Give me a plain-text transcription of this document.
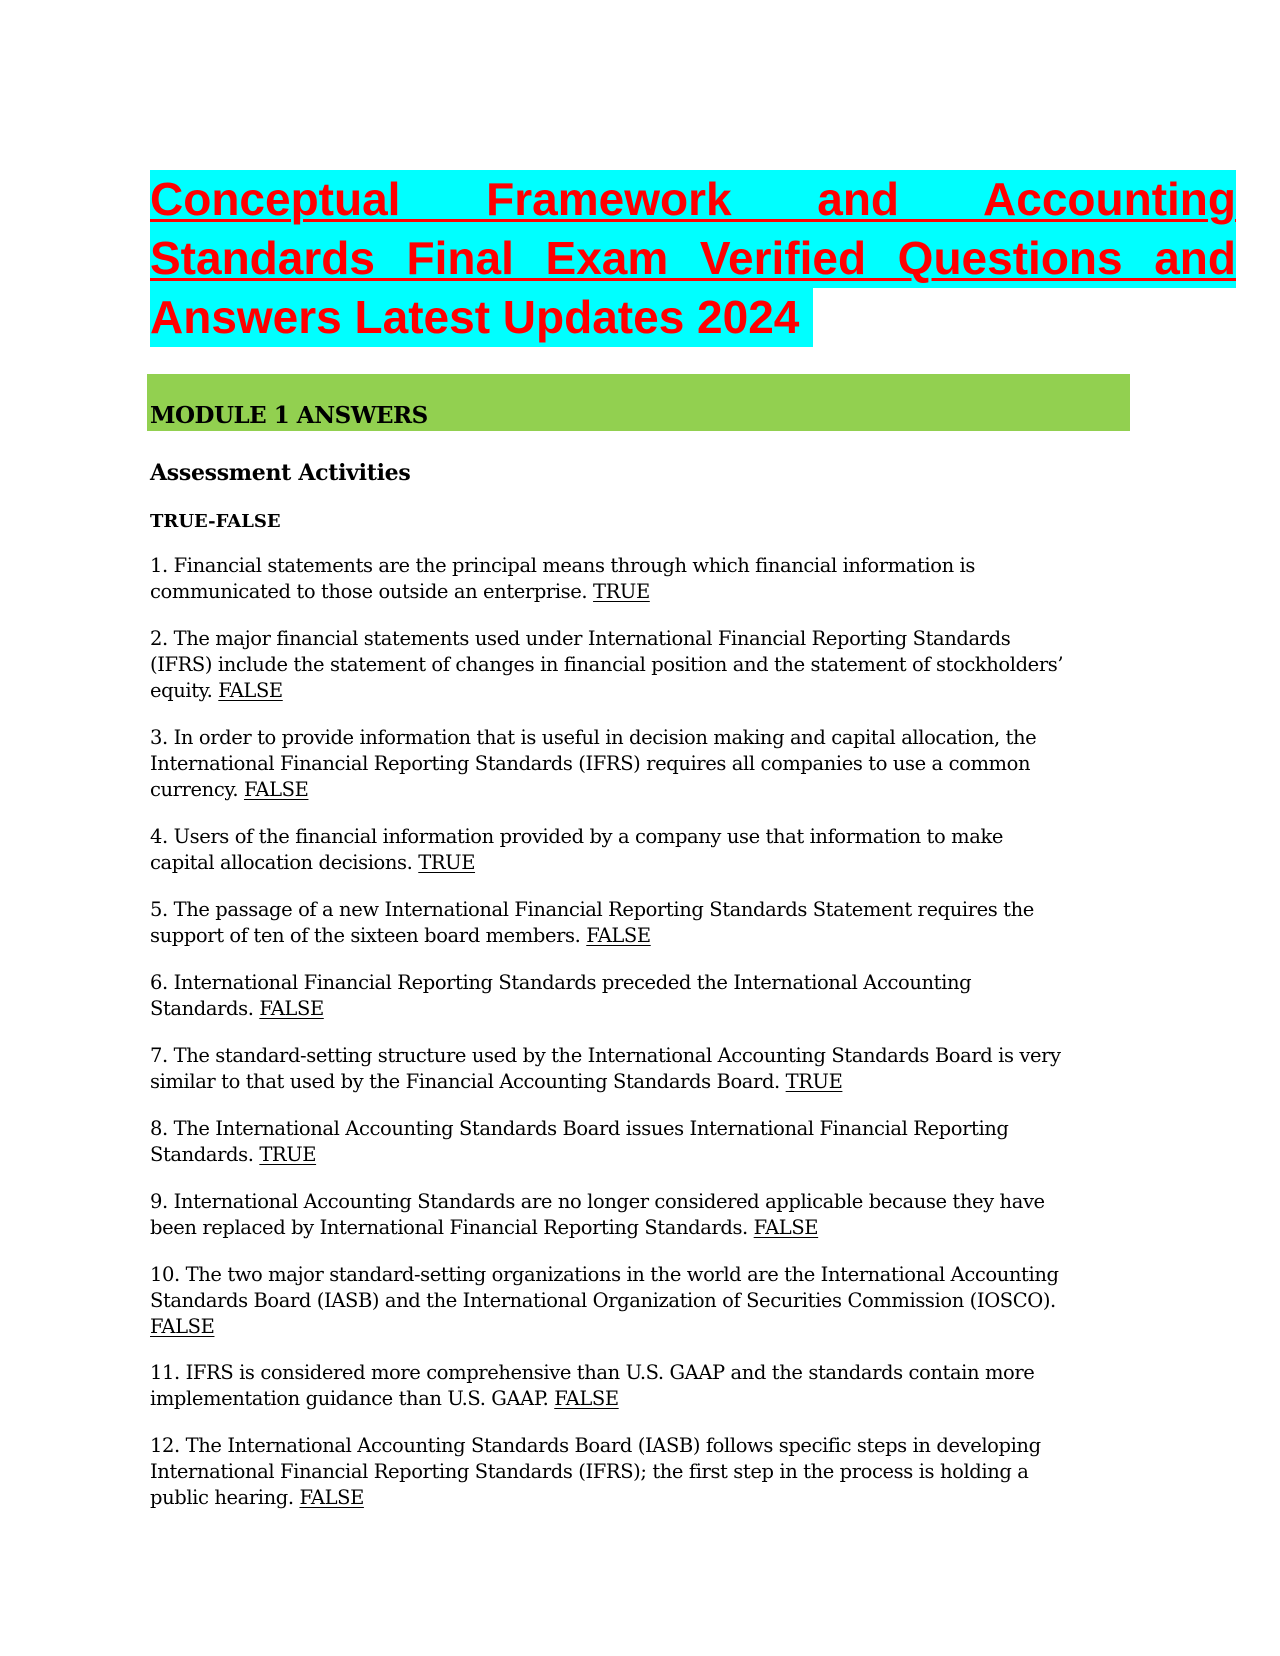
Conceptual Framework and Accounting
Standards Final Exam Verified Questions and
Answers Latest Updates 2024
MODULE 1 ANSWERS
Assessment Activities
TRUE-FALSE
1. Financial statements are the principal means through which financial information is
communicated to those outside an enterprise. TRUE
2. The major financial statements used under International Financial Reporting Standards
(IFRS) include the statement of changes in financial position and the statement of stockholders’
equity. FALSE
3. In order to provide information that is useful in decision making and capital allocation, the
International Financial Reporting Standards (IFRS) requires all companies to use a common
currency. FALSE
4. Users of the financial information provided by a company use that information to make
capital allocation decisions. TRUE
5. The passage of a new International Financial Reporting Standards Statement requires the
support of ten of the sixteen board members. FALSE
6. International Financial Reporting Standards preceded the International Accounting
Standards. FALSE
7. The standard-setting structure used by the International Accounting Standards Board is very
similar to that used by the Financial Accounting Standards Board. TRUE
8. The International Accounting Standards Board issues International Financial Reporting
Standards. TRUE
9. International Accounting Standards are no longer considered applicable because they have
been replaced by International Financial Reporting Standards. FALSE
10. The two major standard-setting organizations in the world are the International Accounting
Standards Board (IASB) and the International Organization of Securities Commission (IOSCO).
FALSE
11. IFRS is considered more comprehensive than U.S. GAAP and the standards contain more
implementation guidance than U.S. GAAP. FALSE
12. The International Accounting Standards Board (IASB) follows specific steps in developing
International Financial Reporting Standards (IFRS); the first step in the process is holding a
public hearing. FALSE
